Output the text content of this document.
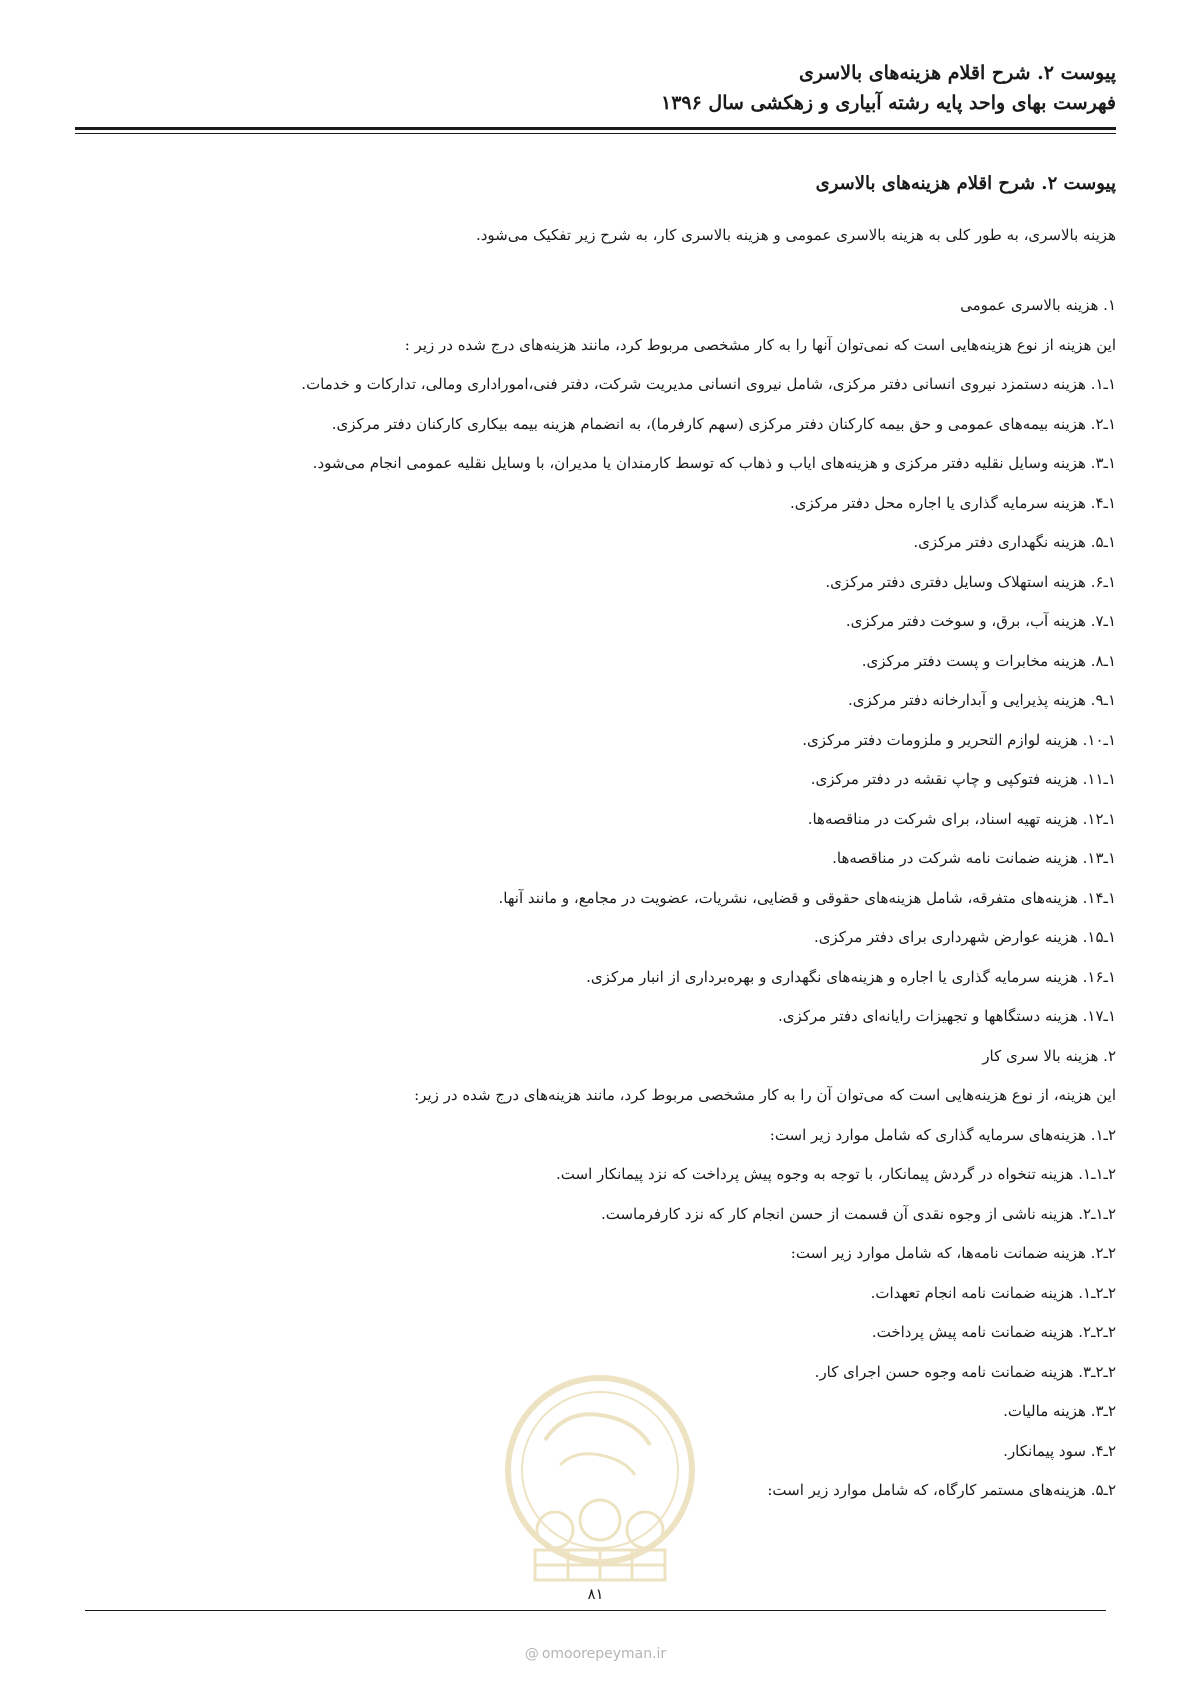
پیوست ۲. شرح اقلام هزینه‌های بالاسری
فهرست بهای واحد پایه رشته آبیاری و زهکشی سال ۱۳۹۶
پیوست ۲. شرح اقلام هزینه‌های بالاسری
هزینه بالاسری، به طور کلی به هزینه بالاسری عمومی و هزینه بالاسری کار، به شرح زیر تفکیک می‌شود.
۱. هزینه بالاسری عمومی
این هزینه از نوع هزینه‌هایی است که نمی‌توان آنها را به کار مشخصی مربوط کرد، مانند هزینه‌های درج شده در زیر :
۱ـ۱. هزینه دستمزد نیروی انسانی دفتر مرکزی، شامل نیروی انسانی مدیریت شرکت، دفتر فنی،اموراداری ومالی، تدارکات و خدمات.
۱ـ۲. هزینه بیمه‌های عمومی و حق بیمه کارکنان دفتر مرکزی (سهم کارفرما)، به انضمام هزینه بیمه بیکاری کارکنان دفتر مرکزی.
۱ـ۳. هزینه وسایل نقلیه دفتر مرکزی و هزینه‌های ایاب و ذهاب که توسط کارمندان یا مدیران، با وسایل نقلیه عمومی انجام می‌شود.
۱ـ۴. هزینه سرمایه گذاری یا اجاره محل دفتر مرکزی.
۱ـ۵. هزینه نگهداری دفتر مرکزی.
۱ـ۶. هزینه استهلاک وسایل دفتری دفتر مرکزی.
۱ـ۷. هزینه آب، برق، و سوخت دفتر مرکزی.
۱ـ۸. هزینه مخابرات و پست دفتر مرکزی.
۱ـ۹. هزینه پذیرایی و آبدارخانه دفتر مرکزی.
۱ـ۱۰. هزینه لوازم التحریر و ملزومات دفتر مرکزی.
۱ـ۱۱. هزینه فتوکپی و چاپ نقشه در دفتر مرکزی.
۱ـ۱۲. هزینه تهیه اسناد، برای شرکت در مناقصه‌ها.
۱ـ۱۳. هزینه ضمانت نامه شرکت در مناقصه‌ها.
۱ـ۱۴. هزینه‌های متفرقه، شامل هزینه‌های حقوقی و قضایی، نشریات، عضویت در مجامع، و مانند آنها.
۱ـ۱۵. هزینه عوارض شهرداری برای دفتر مرکزی.
۱ـ۱۶. هزینه سرمایه گذاری یا اجاره و هزینه‌های نگهداری و بهره‌برداری از انبار مرکزی.
۱ـ۱۷. هزینه دستگاهها و تجهیزات رایانه‌ای دفتر مرکزی.
۲. هزینه بالا سری کار
این هزینه، از نوع هزینه‌هایی است که می‌توان آن را به کار مشخصی مربوط کرد، مانند هزینه‌های درج شده در زیر:
۲ـ۱. هزینه‌های سرمایه گذاری که شامل موارد زیر است:
۲ـ۱ـ۱. هزینه تنخواه در گردش پیمانکار، با توجه به وجوه پیش پرداخت که نزد پیمانکار است.
۲ـ۱ـ۲. هزینه ناشی از وجوه نقدی آن قسمت از حسن انجام کار که نزد کارفرماست.
۲ـ۲. هزینه ضمانت نامه‌ها، که شامل موارد زیر است:
۲ـ۲ـ۱. هزینه ضمانت نامه انجام تعهدات.
۲ـ۲ـ۲. هزینه ضمانت نامه پیش پرداخت.
۲ـ۲ـ۳. هزینه ضمانت نامه وجوه حسن اجرای کار.
۲ـ۳. هزینه مالیات.
۲ـ۴. سود پیمانکار.
۲ـ۵. هزینه‌های مستمر کارگاه، که شامل موارد زیر است:
۸۱
@ omoorepeyman.ir
